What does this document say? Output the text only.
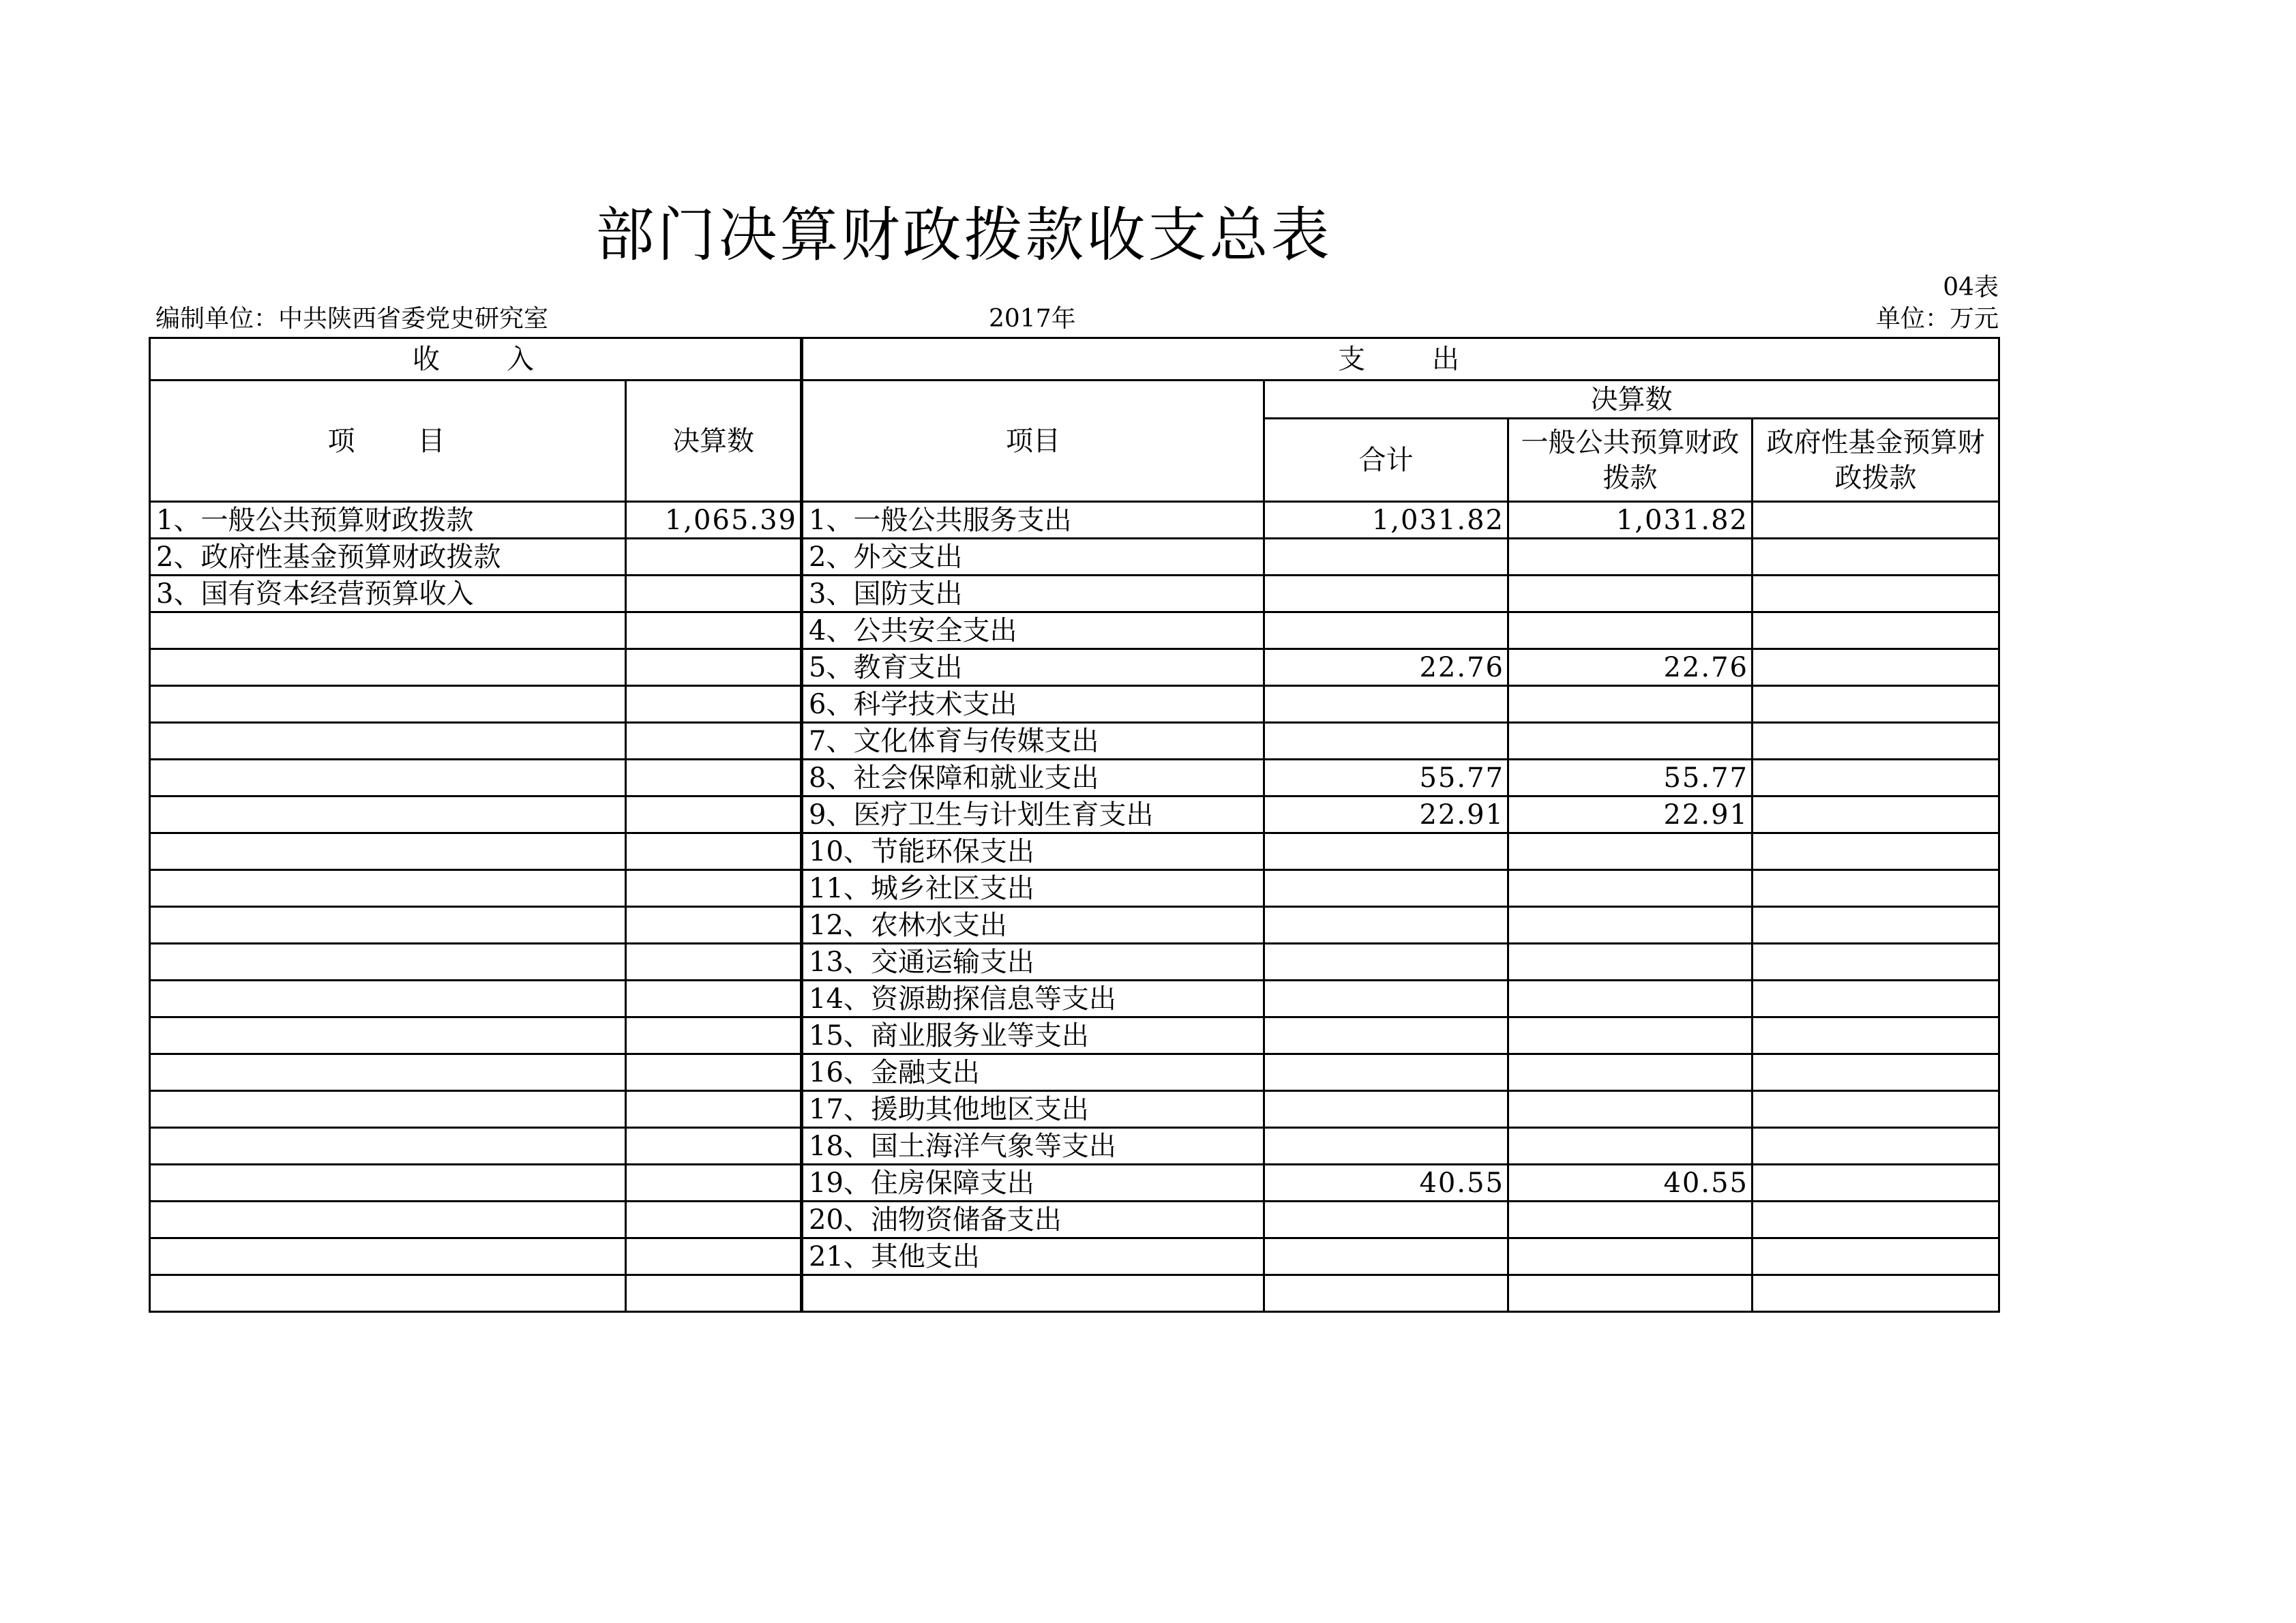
部门决算财政拨款收支总表
04表
编制单位：中共陕西省委党史研究室	2017年	单位：万元
收　　入		支　　出			
项　　目	决算数	项目	决算数		
			合计	一般公共预算财政拨款	政府性基金预算财政拨款
1、一般公共预算财政拨款	1,065.39	1、一般公共服务支出	1,031.82	1,031.82	
2、政府性基金预算财政拨款		2、外交支出			
3、国有资本经营预算收入		3、国防支出			
		4、公共安全支出			
		5、教育支出	22.76	22.76	
		6、科学技术支出			
		7、文化体育与传媒支出			
		8、社会保障和就业支出	55.77	55.77	
		9、医疗卫生与计划生育支出	22.91	22.91	
		10、节能环保支出			
		11、城乡社区支出			
		12、农林水支出			
		13、交通运输支出			
		14、资源勘探信息等支出			
		15、商业服务业等支出			
		16、金融支出			
		17、援助其他地区支出			
		18、国土海洋气象等支出			
		19、住房保障支出	40.55	40.55	
		20、油物资储备支出			
		21、其他支出			
